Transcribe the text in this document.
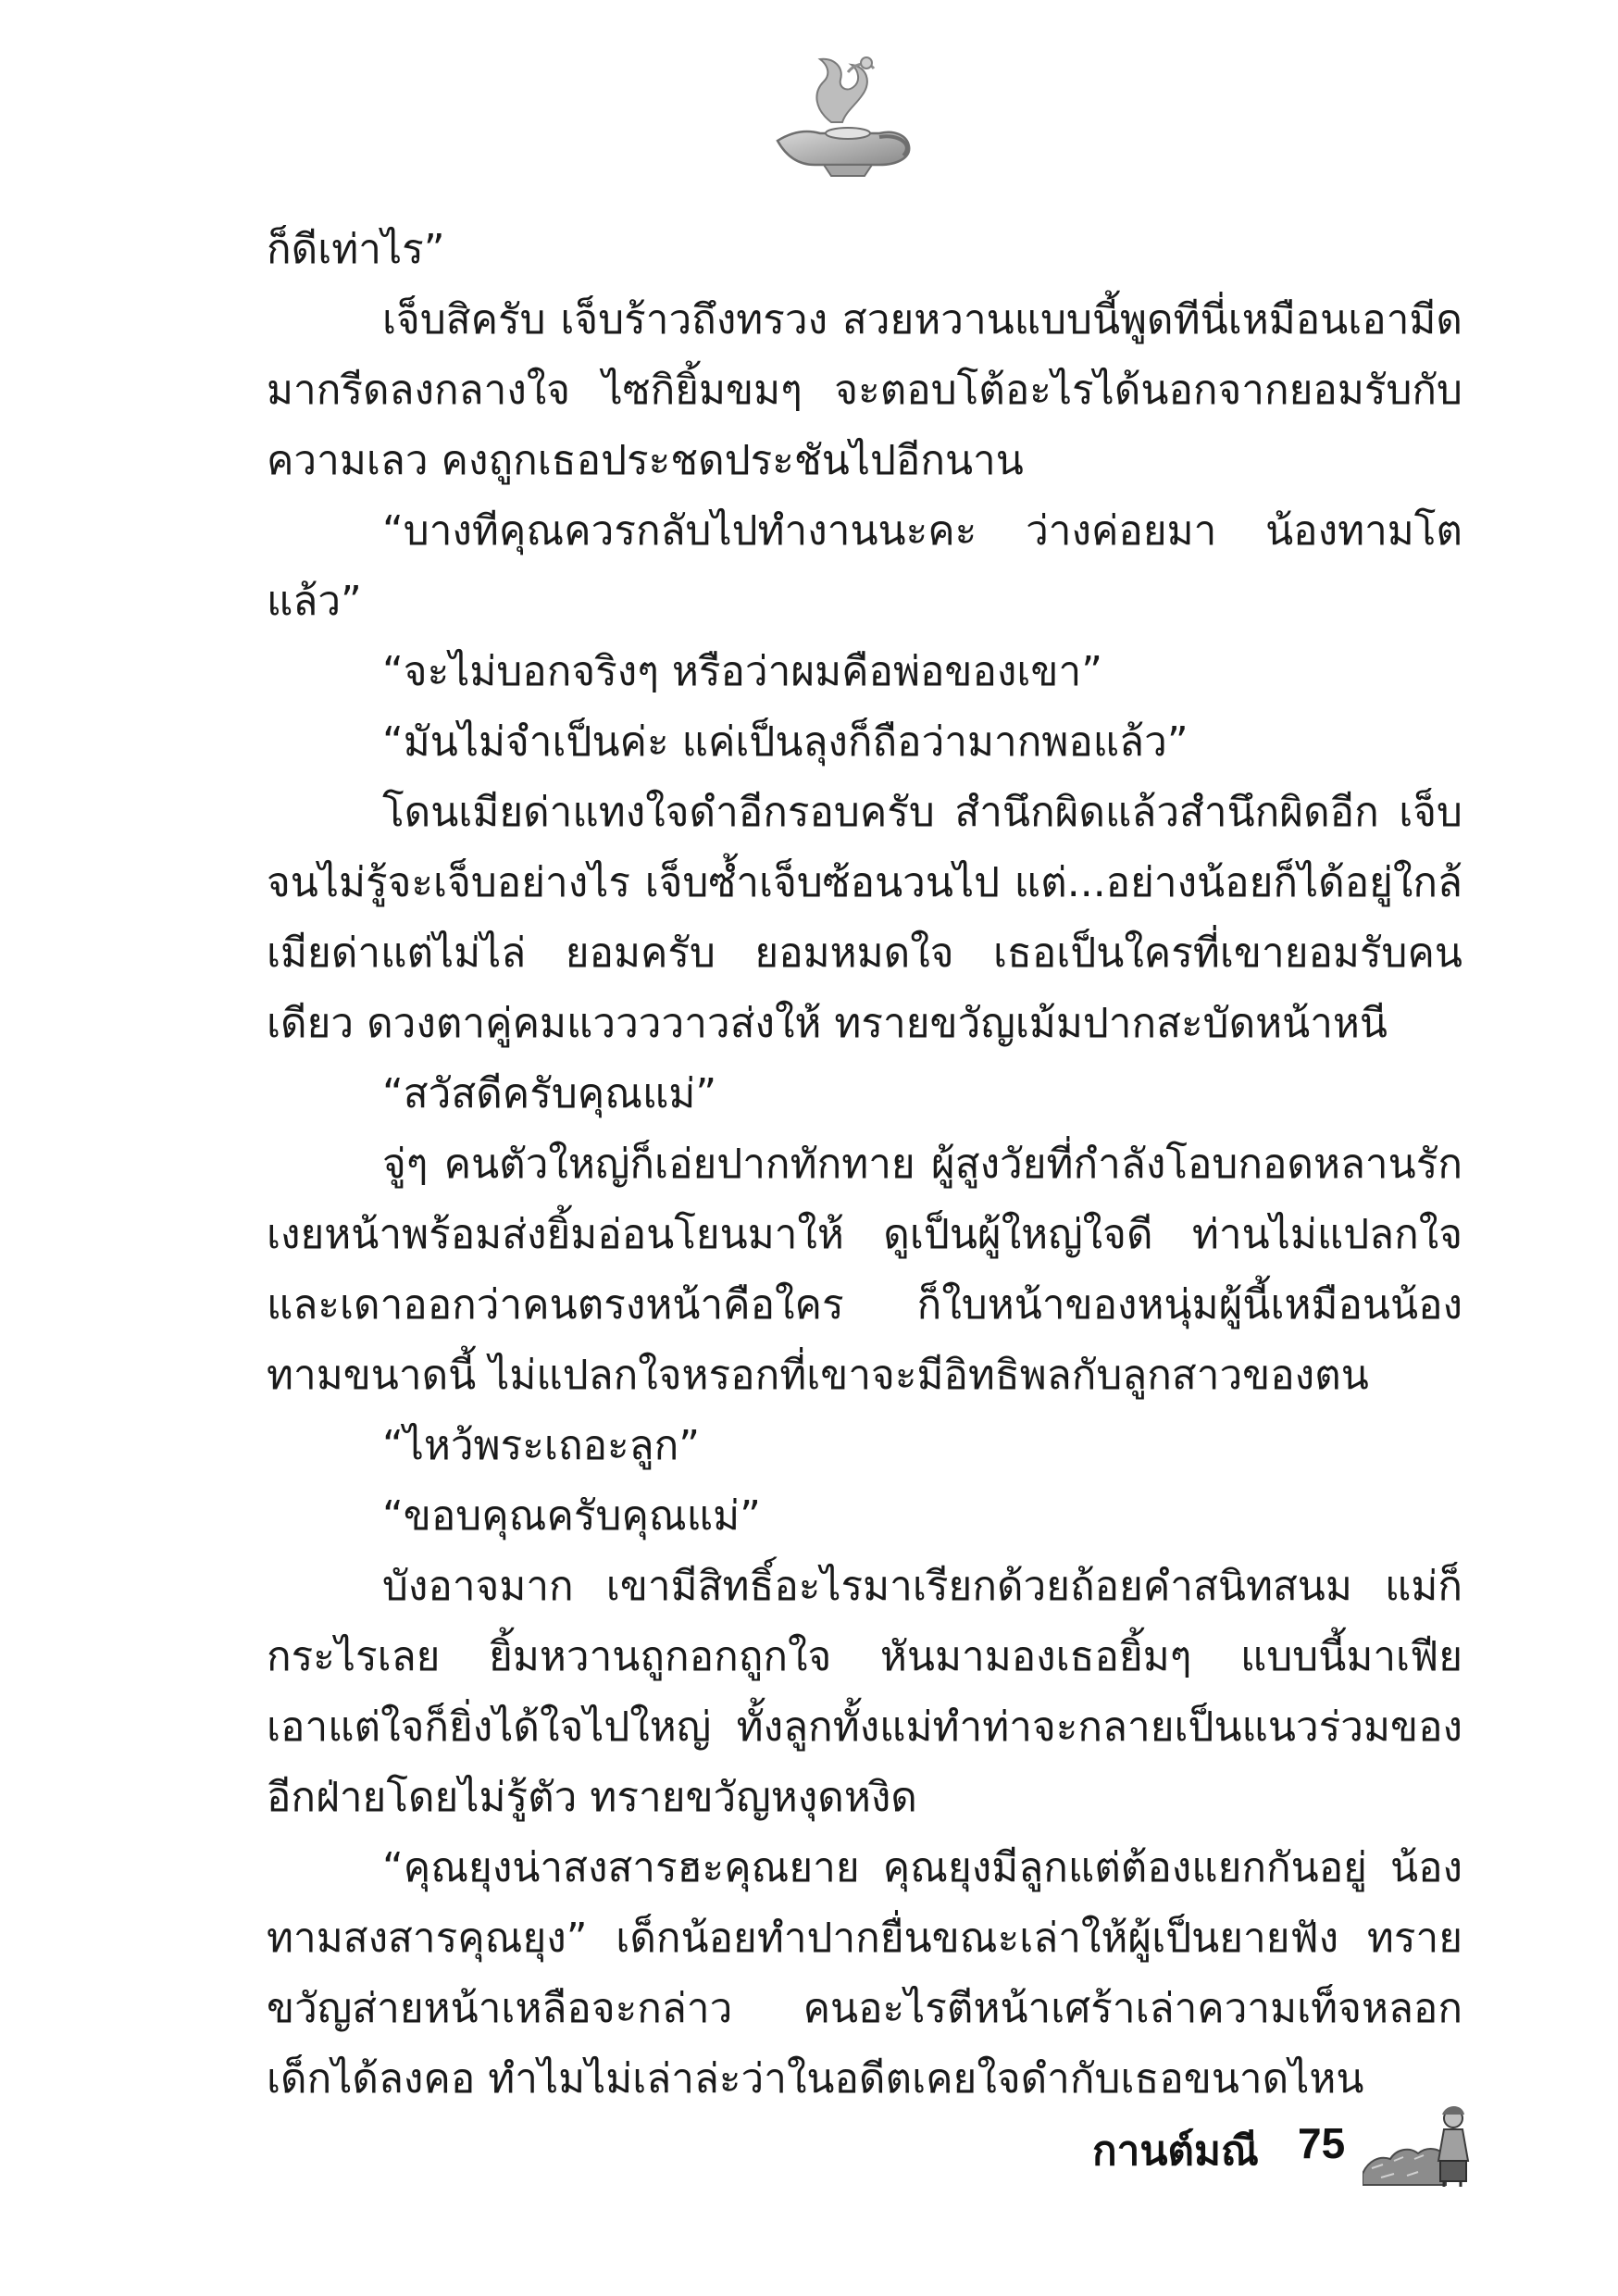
ก็ดีเท่าไร”

เจ็บสิครับ เจ็บร้าวถึงทรวง สวยหวานแบบนี้พูดทีนี่เหมือนเอามีดมากรีดลงกลางใจ ไซกิยิ้มขมๆ จะตอบโต้อะไรได้นอกจากยอมรับกับความเลว คงถูกเธอประชดประชันไปอีกนาน

“บางทีคุณควรกลับไปทำงานนะคะ ว่างค่อยมา น้องทามโตแล้ว”

“จะไม่บอกจริงๆ หรือว่าผมคือพ่อของเขา”

“มันไม่จำเป็นค่ะ แค่เป็นลุงก็ถือว่ามากพอแล้ว”

โดนเมียด่าแทงใจดำอีกรอบครับ สำนึกผิดแล้วสำนึกผิดอีก เจ็บจนไม่รู้จะเจ็บอย่างไร เจ็บซ้ำเจ็บซ้อนวนไป แต่...อย่างน้อยก็ได้อยู่ใกล้เมียด่าแต่ไม่ไล่ ยอมครับ ยอมหมดใจ เธอเป็นใครที่เขายอมรับคนเดียว ดวงตาคู่คมแววววาวส่งให้ ทรายขวัญเม้มปากสะบัดหน้าหนี

“สวัสดีครับคุณแม่”

จู่ๆ คนตัวใหญ่ก็เอ่ยปากทักทาย ผู้สูงวัยที่กำลังโอบกอดหลานรักเงยหน้าพร้อมส่งยิ้มอ่อนโยนมาให้ ดูเป็นผู้ใหญ่ใจดี ท่านไม่แปลกใจและเดาออกว่าคนตรงหน้าคือใคร ก็ใบหน้าของหนุ่มผู้นี้เหมือนน้องทามขนาดนี้ ไม่แปลกใจหรอกที่เขาจะมีอิทธิพลกับลูกสาวของตน

“ไหว้พระเถอะลูก”

“ขอบคุณครับคุณแม่”

บังอาจมาก เขามีสิทธิ์อะไรมาเรียกด้วยถ้อยคำสนิทสนม แม่ก็กระไรเลย ยิ้มหวานถูกอกถูกใจ หันมามองเธอยิ้มๆ แบบนี้มาเฟียเอาแต่ใจก็ยิ่งได้ใจไปใหญ่ ทั้งลูกทั้งแม่ทำท่าจะกลายเป็นแนวร่วมของอีกฝ่ายโดยไม่รู้ตัว ทรายขวัญหงุดหงิด

“คุณยุงน่าสงสารฮะคุณยาย คุณยุงมีลูกแต่ต้องแยกกันอยู่ น้องทามสงสารคุณยุง” เด็กน้อยทำปากยื่นขณะเล่าให้ผู้เป็นยายฟัง ทรายขวัญส่ายหน้าเหลือจะกล่าว คนอะไรตีหน้าเศร้าเล่าความเท็จหลอกเด็กได้ลงคอ ทำไมไม่เล่าล่ะว่าในอดีตเคยใจดำกับเธอขนาดไหน

กานต์มณี 75
